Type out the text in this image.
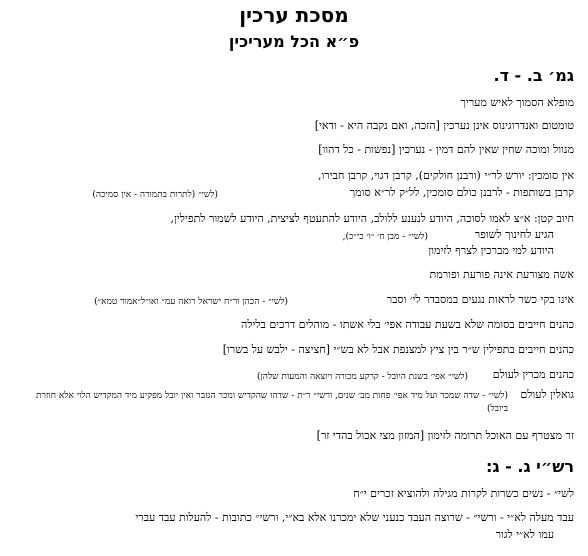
מסכת ערכין
פ״א הכל מעריכין
גמ׳ ב. - ד.
מופלא הסמוך לאיש מעריך
טומטום ואנדרוגינוס אינן נערכין [הזכה, ואם נקבה היא - ודאי]
מנוול ומוכה שחין שאין להם דמין - נערכין [נפשות - כל דהוו]
אין סומכין: יורש לר״י (ורבנן חולקים), קרבן דגוי, קרבן חבירו,
קרבן בשותפות - לרבנן כולם סומכין, לל״ק לר״א סומך
(לשי״ (לתרות בתמורה - אין סמיכה)
חיוב קטן: א״צ לאמו לסוכה, היודע לנענע ללולב, היודע להתעטף לציצית, היודע לשמור לתפילין,
הגיע לחינוך לשופר
(לשי״ - מבן ח׳ ״ו׳ כי״כ),
היודע למי מברכין לצרף לזימון
אשה מצורעת אינה פורעת ופורמת
אינו בקי כשר לראות נגעים במסבדר לי׳ וסבר
(לשי״ - הכהן ור״ח ישראל רואה עמ״ ואו״ל״אמור טמא״)
כהנים חייבים בסומה שלא בשעת עבודה אפי׳ בלי אשתו - מוהלים דרכים בלילה
כהנים חייבים בתפילין ש״ר בין ציץ למצנפת אבל לא בש״י [חציצה - ילבש על בשרו]
כהנים מכרין לעולם
(לשי״ אפי׳ בשנת היובל - קרקע מכורה ויוצאה והמעות שלהן)
גואלין לעולם
(לשי״ - שדה שמכר ועל מיד אפי׳ פחות מב׳ שנים, ורשי״ ר״ת - שדהו שהקדיש ומכר הגזבר ואין יובל מפקיע מיד המקדיש הלוי אלא חוזרת ביובל)
זר מצטרף עם האוכל תרומה לזימון [המזון מצי אכול בהדי זר]
רש״י ג. - ג:
לשי״ - נשים כשרות לקרות מגילה ולהוציא זכרים י״ח
עבד מעלה לא״י - ורשי״ - שרוצה העבד כנעני שלא ימכרנו אלא בא״י, ורשי״ כתובות - להעלות עבד עברי
עמו לא״י לגור
